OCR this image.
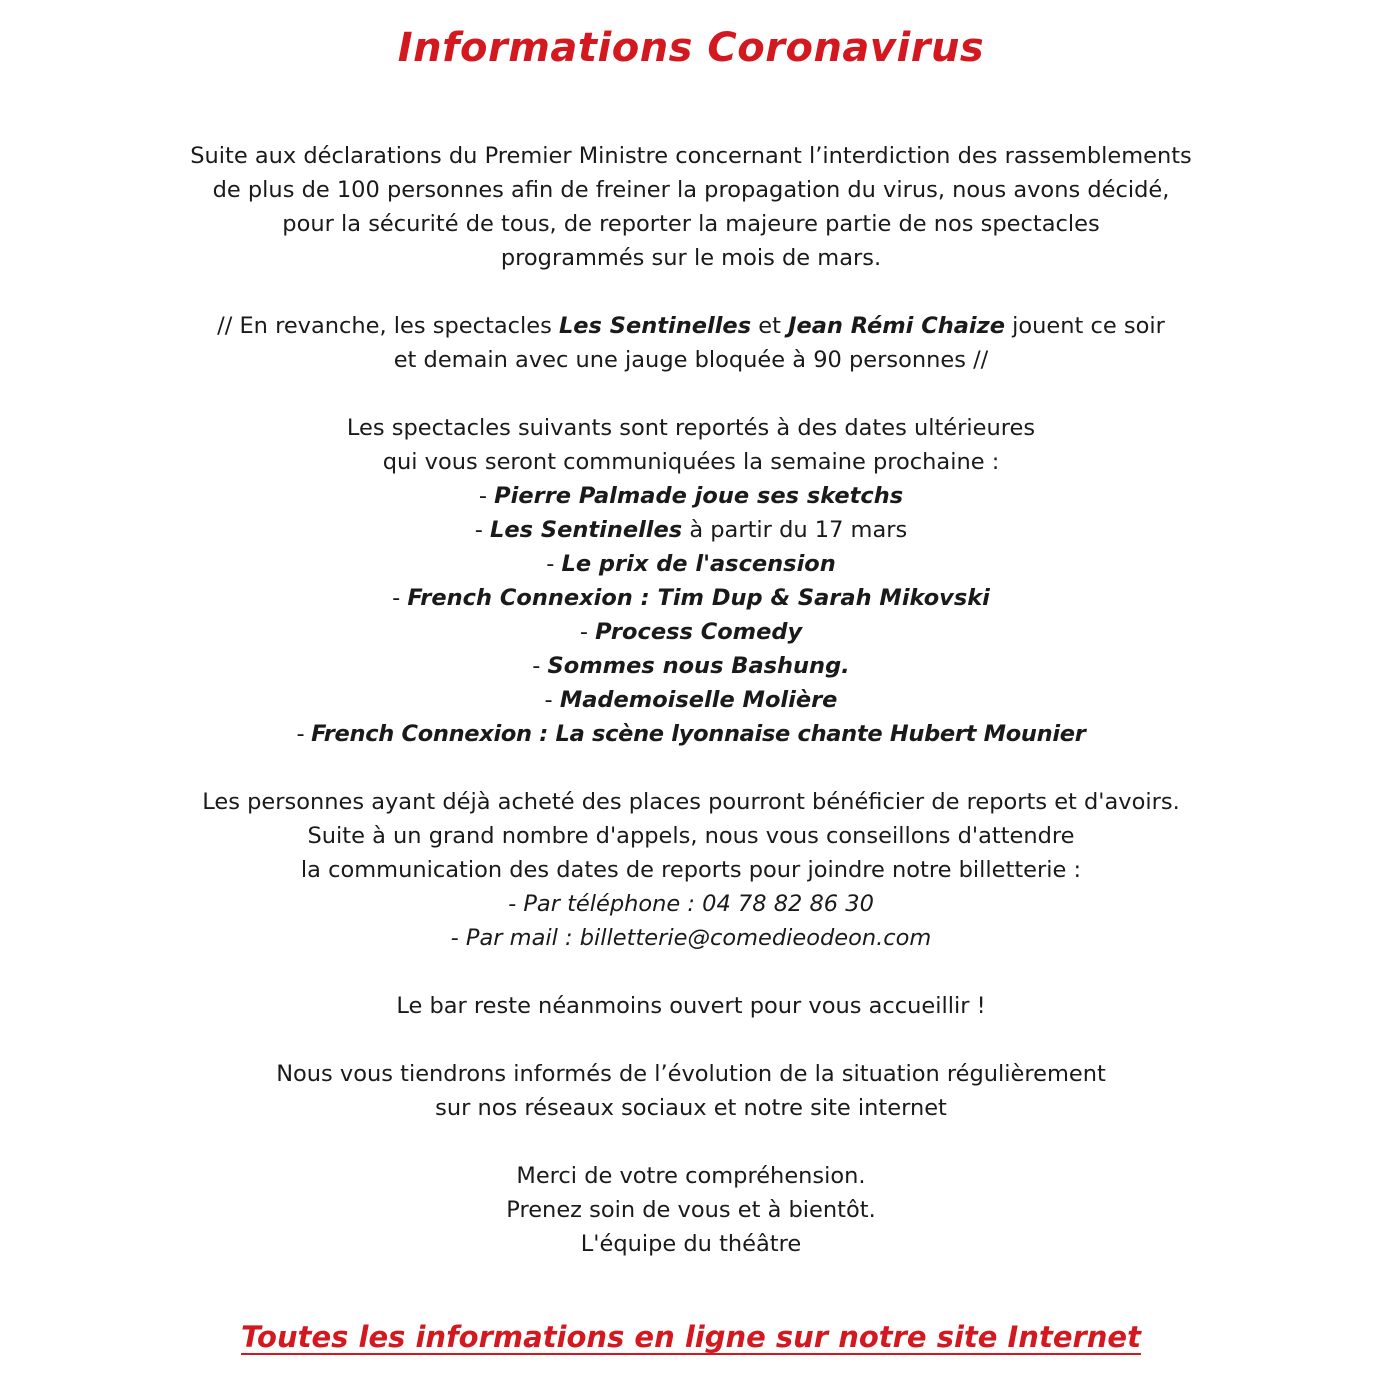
Informations Coronavirus
Suite aux déclarations du Premier Ministre concernant l’interdiction des rassemblements
de plus de 100 personnes afin de freiner la propagation du virus, nous avons décidé,
pour la sécurité de tous, de reporter la majeure partie de nos spectacles
programmés sur le mois de mars.
// En revanche, les spectacles Les Sentinelles et Jean Rémi Chaize jouent ce soir
et demain avec une jauge bloquée à 90 personnes //
Les spectacles suivants sont reportés à des dates ultérieures
qui vous seront communiquées la semaine prochaine :
- Pierre Palmade joue ses sketchs
- Les Sentinelles à partir du 17 mars
- Le prix de l'ascension
- French Connexion : Tim Dup & Sarah Mikovski
- Process Comedy
- Sommes nous Bashung.
- Mademoiselle Molière
- French Connexion : La scène lyonnaise chante Hubert Mounier
Les personnes ayant déjà acheté des places pourront bénéficier de reports et d'avoirs.
Suite à un grand nombre d'appels, nous vous conseillons d'attendre
la communication des dates de reports pour joindre notre billetterie :
- Par téléphone : 04 78 82 86 30
- Par mail : billetterie@comedieodeon.com
Le bar reste néanmoins ouvert pour vous accueillir !
Nous vous tiendrons informés de l’évolution de la situation régulièrement
sur nos réseaux sociaux et notre site internet
Merci de votre compréhension.
Prenez soin de vous et à bientôt.
L'équipe du théâtre
Toutes les informations en ligne sur notre site Internet
